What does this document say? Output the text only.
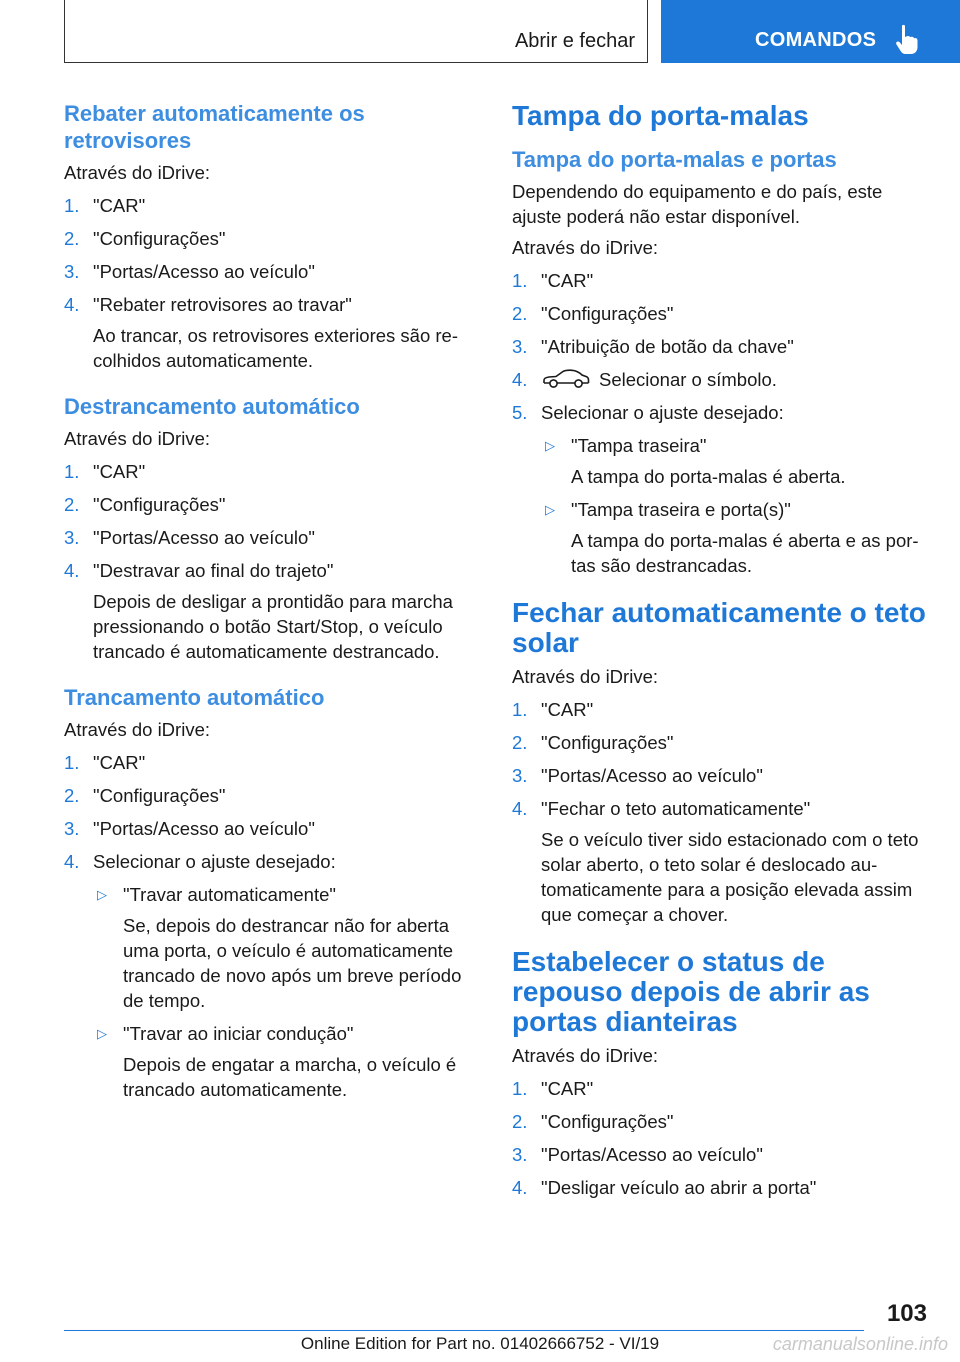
Abrir e fechar	COMANDOS
Rebater automaticamente os retrovisores

Através do iDrive:

1. "CAR"
2. "Configurações"
3. "Portas/Acesso ao veículo"
4. "Rebater retrovisores ao travar"
Ao trancar, os retrovisores exteriores são re-colhidos automaticamente.
Destrancamento automático

Através do iDrive:

1. "CAR"
2. "Configurações"
3. "Portas/Acesso ao veículo"
4. "Destravar ao final do trajeto"
Depois de desligar a prontidão para marcha pressionando o botão Start/Stop, o veículo trancado é automaticamente destrancado.
Trancamento automático

Através do iDrive:

1. "CAR"
2. "Configurações"
3. "Portas/Acesso ao veículo"
4. Selecionar o ajuste desejado:
▷ "Travar automaticamente"
Se, depois do destrancar não for aberta uma porta, o veículo é automaticamente trancado de novo após um breve período de tempo.
▷ "Travar ao iniciar condução"
Depois de engatar a marcha, o veículo é trancado automaticamente.
Tampa do porta-malas
Tampa do porta-malas e portas

Dependendo do equipamento e do país, este ajuste poderá não estar disponível.

Através do iDrive:

1. "CAR"
2. "Configurações"
3. "Atribuição de botão da chave"
4.	Selecionar o símbolo.
5. Selecionar o ajuste desejado:
▷ "Tampa traseira"
A tampa do porta-malas é aberta.
▷ "Tampa traseira e porta(s)"
A tampa do porta-malas é aberta e as por-tas são destrancadas.
Fechar automaticamente o teto solar

Através do iDrive:

1. "CAR"
2. "Configurações"
3. "Portas/Acesso ao veículo"
4. "Fechar o teto automaticamente"
Se o veículo tiver sido estacionado com o teto solar aberto, o teto solar é deslocado au-tomaticamente para a posição elevada assim que começar a chover.
Estabelecer o status de repouso depois de abrir as portas dianteiras

Através do iDrive:

1. "CAR"
2. "Configurações"
3. "Portas/Acesso ao veículo"
4. "Desligar veículo ao abrir a porta"
103
Online Edition for Part no. 01402666752 - VI/19	carmanualsonline.info
